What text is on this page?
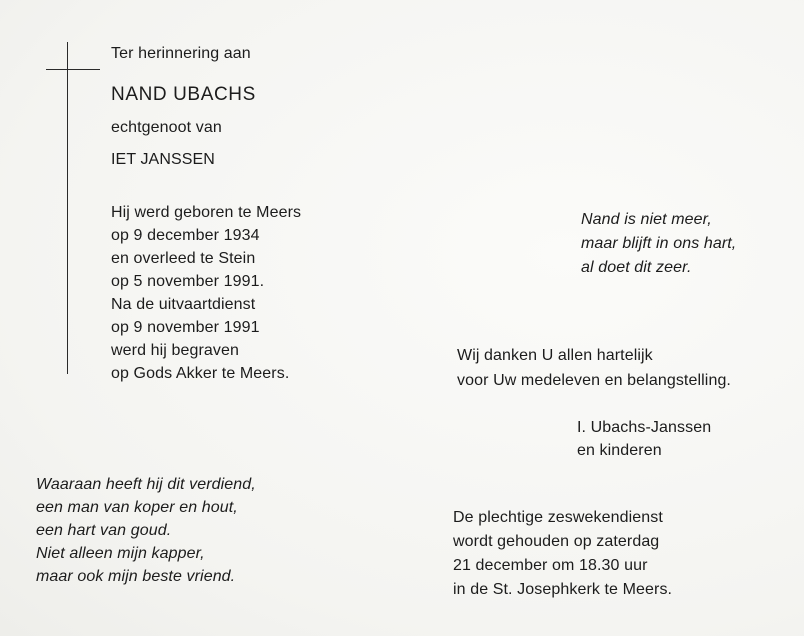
Ter herinnering aan
NAND UBACHS
echtgenoot van
IET JANSSEN
Hij werd geboren te Meers
op 9 december 1934
en overleed te Stein
op 5 november 1991.
Na de uitvaartdienst
op 9 november 1991
werd hij begraven
op Gods Akker te Meers.
Nand is niet meer,
maar blijft in ons hart,
al doet dit zeer.
Wij danken U allen hartelijk
voor Uw medeleven en belangstelling.
I. Ubachs-Janssen
en kinderen
Waaraan heeft hij dit verdiend,
een man van koper en hout,
een hart van goud.
Niet alleen mijn kapper,
maar ook mijn beste vriend.
De plechtige zeswekendienst
wordt gehouden op zaterdag
21 december om 18.30 uur
in de St. Josephkerk te Meers.
